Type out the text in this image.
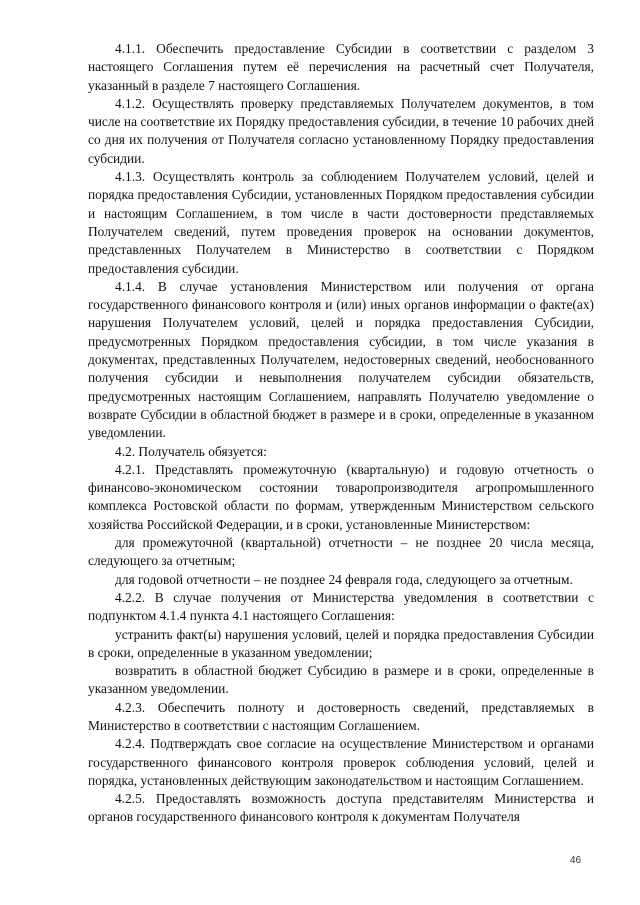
4.1.1. Обеспечить предоставление Субсидии в соответствии с разделом 3 настоящего Соглашения путем её перечисления на расчетный счет Получателя, указанный в разделе 7 настоящего Соглашения.

4.1.2. Осуществлять проверку представляемых Получателем документов, в том числе на соответствие их Порядку предоставления субсидии, в течение 10 рабочих дней со дня их получения от Получателя согласно установленному Порядку предоставления субсидии.

4.1.3. Осуществлять контроль за соблюдением Получателем условий, целей и порядка предоставления Субсидии, установленных Порядком предоставления субсидии и настоящим Соглашением, в том числе в части достоверности представляемых Получателем сведений, путем проведения проверок на основании документов, представленных Получателем в Министерство в соответствии с Порядком предоставления субсидии.

4.1.4. В случае установления Министерством или получения от органа государственного финансового контроля и (или) иных органов информации о факте(ах) нарушения Получателем условий, целей и порядка предоставления Субсидии, предусмотренных Порядком предоставления субсидии, в том числе указания в документах, представленных Получателем, недостоверных сведений, необоснованного получения субсидии и невыполнения получателем субсидии обязательств, предусмотренных настоящим Соглашением, направлять Получателю уведомление о возврате Субсидии в областной бюджет в размере и в сроки, определенные в указанном уведомлении.

4.2. Получатель обязуется:

4.2.1. Представлять промежуточную (квартальную) и годовую отчетность о финансово-экономическом состоянии товаропроизводителя агропромышленного комплекса Ростовской области по формам, утвержденным Министерством сельского хозяйства Российской Федерации, и в сроки, установленные Министерством:

для промежуточной (квартальной) отчетности – не позднее 20 числа месяца, следующего за отчетным;

для годовой отчетности – не позднее 24 февраля года, следующего за отчетным.

4.2.2. В случае получения от Министерства уведомления в соответствии с подпунктом 4.1.4 пункта 4.1 настоящего Соглашения:

устранить факт(ы) нарушения условий, целей и порядка предоставления Субсидии в сроки, определенные в указанном уведомлении;

возвратить в областной бюджет Субсидию в размере и в сроки, определенные в указанном уведомлении.

4.2.3. Обеспечить полноту и достоверность сведений, представляемых в Министерство в соответствии с настоящим Соглашением.

4.2.4. Подтверждать свое согласие на осуществление Министерством и органами государственного финансового контроля проверок соблюдения условий, целей и порядка, установленных действующим законодательством и настоящим Соглашением.

4.2.5. Предоставлять возможность доступа представителям Министерства и органов государственного финансового контроля к документам Получателя

46
